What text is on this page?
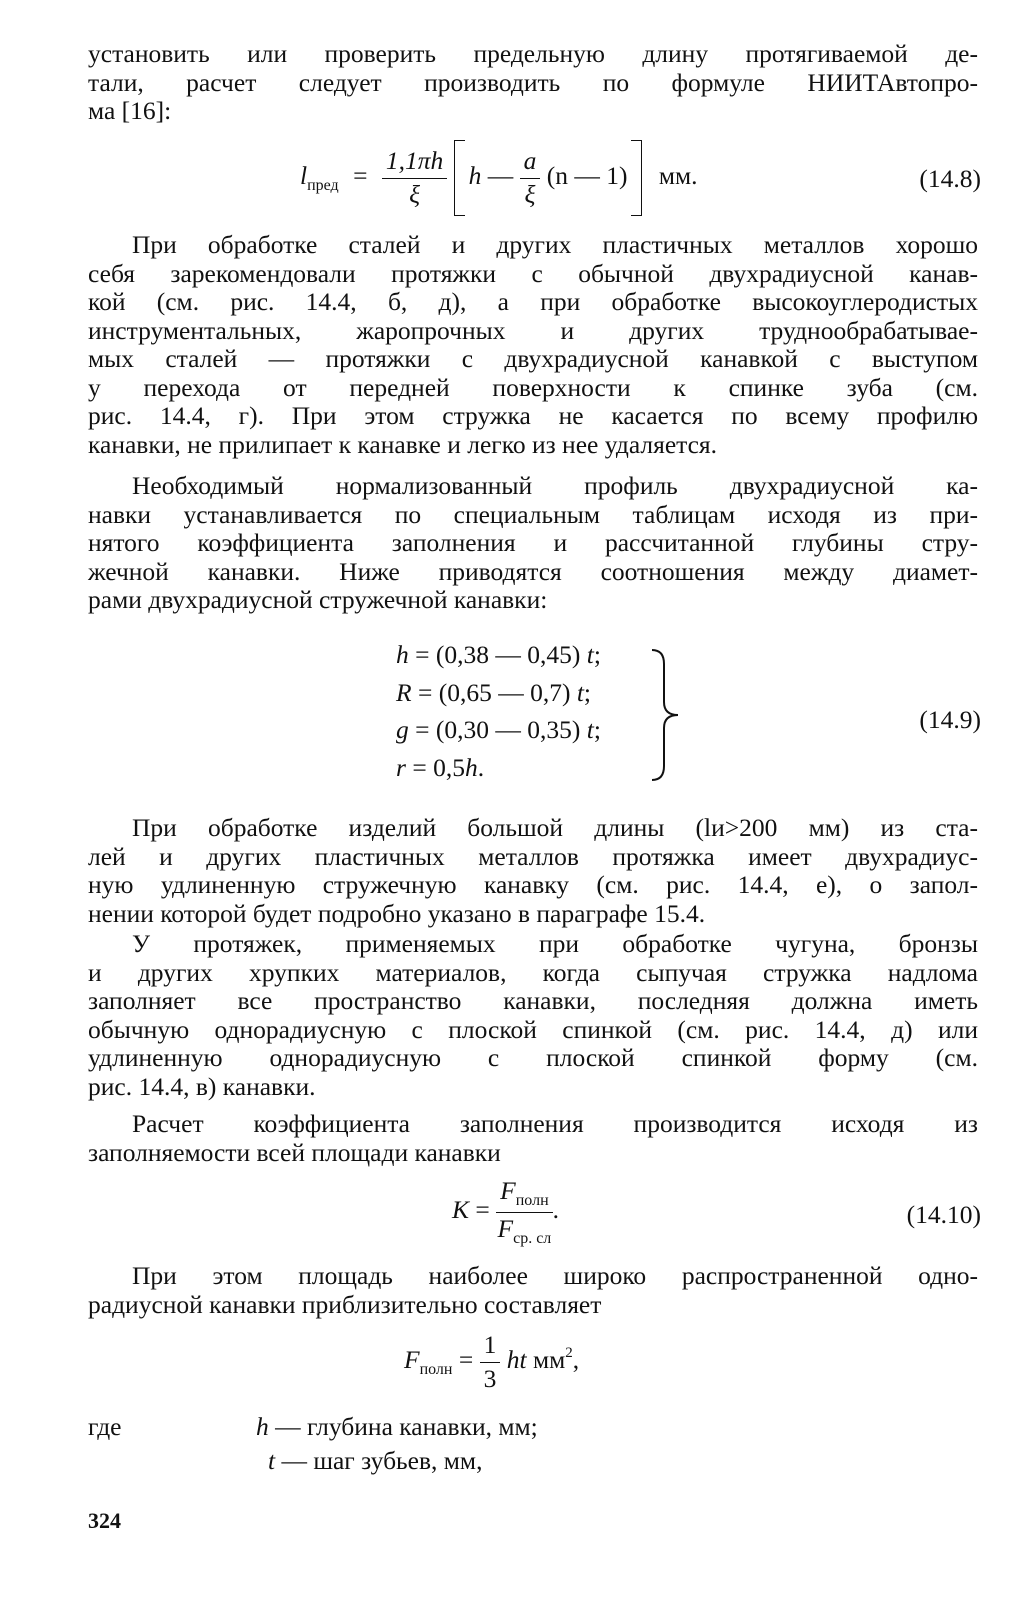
установить или проверить предельную длину протягиваемой де-
тали, расчет следует производить по формуле НИИТАвтопро-
ма [16]:

$l_{пред} = \frac{1,1\pi h}{\xi}$ h — $\frac{a}{\xi} (n$ — 1) мм.	(14.8)

При обработке сталей и других пластичных металлов хорошо
себя зарекомендовали протяжки с обычной двухрадиусной канав-
кой (см. рис. 14.4, б, д), а при обработке высокоуглеродистых
инструментальных, жаропрочных и других труднообрабатывае-
мых сталей — протяжки с двухрадиусной канавкой с выступом
у перехода от передней поверхности к спинке зуба (см.
рис. 14.4, г). При этом стружка не касается по всему профилю
канавки, не прилипает к канавке и легко из нее удаляется.

Необходимый нормализованный профиль двухрадиусной ка-
навки устанавливается по специальным таблицам исходя из при-
нятого коэффициента заполнения и рассчитанной глубины стру-
жечной канавки. Ниже приводятся соотношения между диамет-
рами двухрадиусной стружечной канавки:

h = (0,38 — 0,45) t;
R = (0,65 — 0,7) t;
g = (0,30 — 0,35) t;
r = 0,5h.
(14.9)

При обработке изделий большой длины (lи>200 мм) из ста-
лей и других пластичных металлов протяжка имеет двухрадиус-
ную удлиненную стружечную канавку (см. рис. 14.4, е), о запол-
нении которой будет подробно указано в параграфе 15.4.

У протяжек, применяемых при обработке чугуна, бронзы
и других хрупких материалов, когда сыпучая стружка надлома
заполняет все пространство канавки, последняя должна иметь
обычную однорадиусную с плоской спинкой (см. рис. 14.4, д) или
удлиненную однорадиусную с плоской спинкой форму (см.
рис. 14.4, в) канавки.

Расчет коэффициента заполнения производится исходя из
заполняемости всей площади канавки

$K = \frac{F_{полн}}{F_{ср. сл}}$ .	(14.10)

При этом площадь наиболее широко распространенной одно-
радиусной канавки приблизительно составляет

$F_{полн} = \frac{1}{3}$ ht $мм^2$,
где	h — глубина канавки, мм;
t — шаг зубьев, мм,
324
